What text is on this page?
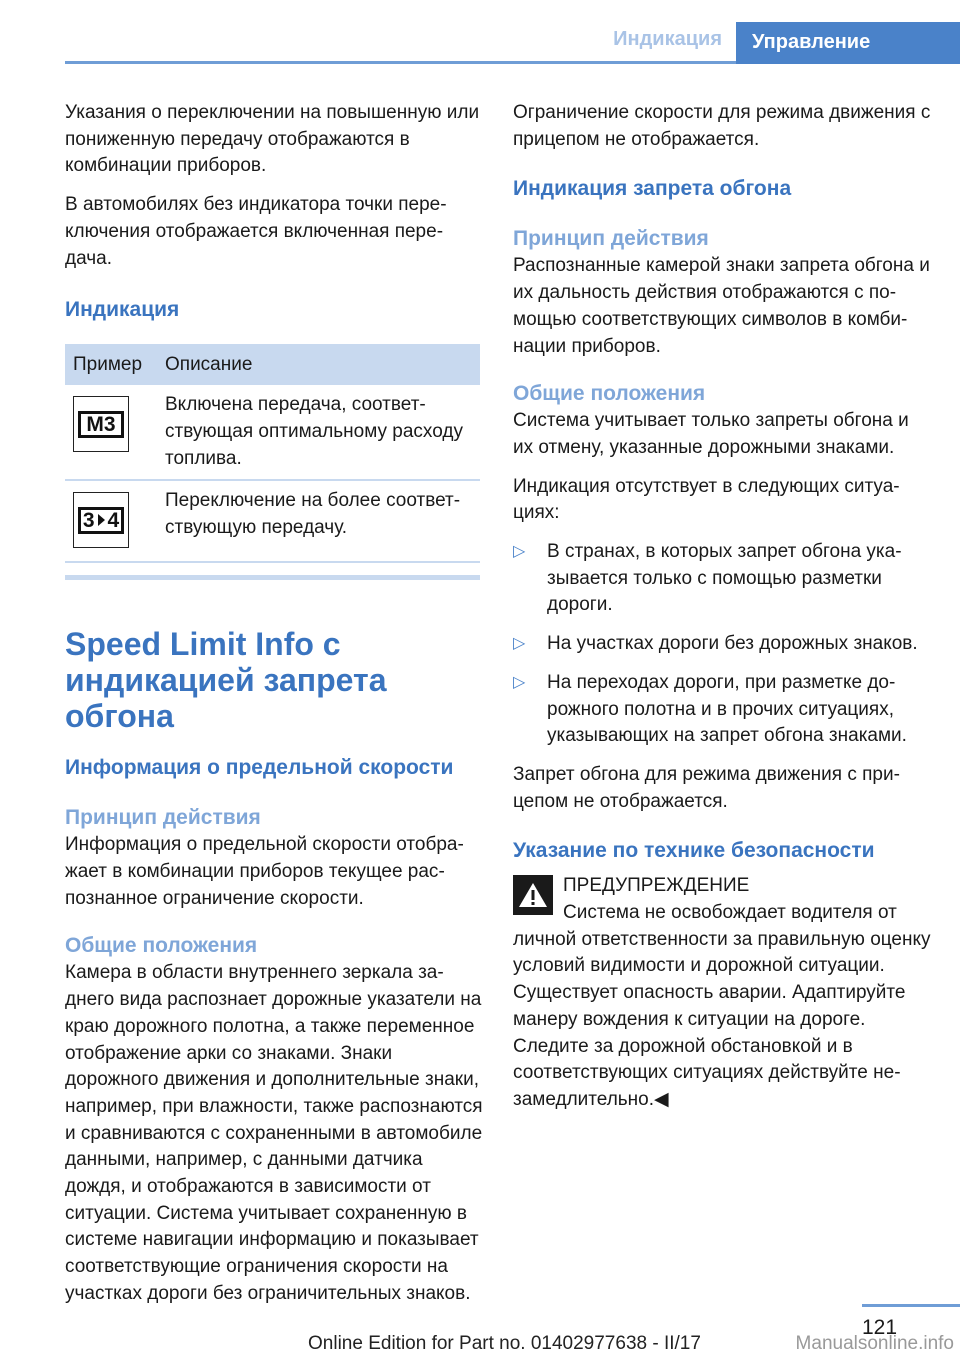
Индикация	Управление

Указания о переключении на повышенную или пониженную передачу отображаются в комбинации приборов.

В автомобилях без индикатора точки переключения отображается включенная передача.

Индикация
Пример	Описание

M3	Включена передача, соответствующая оптимальному расходу топлива.

3 4	Переключение на более соответствующую передачу.
Speed Limit Info с индикацией запрета обгона
Информация о предельной скорости
Принцип действия

Информация о предельной скорости отображает в комбинации приборов текущее распознанное ограничение скорости.

Общие положения

Камера в области внутреннего зеркала заднего вида распознает дорожные указатели на краю дорожного полотна, а также переменное отображение арки со знаками. Знаки дорожного движения и дополнительные знаки, например, при влажности, также распознаются и сравниваются с сохраненными в автомобиле данными, например, с данными датчика дождя, и отображаются в зависимости от ситуации. Система учитывает сохраненную в системе навигации информацию и показывает соответствующие ограничения скорости на участках дороги без ограничительных знаков.

Ограничение скорости для режима движения с прицепом не отображается.

Индикация запрета обгона
Принцип действия

Распознанные камерой знаки запрета обгона и их дальность действия отображаются с помощью соответствующих символов в комбинации приборов.

Общие положения

Система учитывает только запреты обгона и их отмену, указанные дорожными знаками.

Индикация отсутствует в следующих ситуациях:

▷ В странах, в которых запрет обгона указывается только с помощью разметки дороги.
▷ На участках дороги без дорожных знаков.
▷ На переходах дороги, при разметке дорожного полотна и в прочих ситуациях, указывающих на запрет обгона знаками.

Запрет обгона для режима движения с прицепом не отображается.

Указание по технике безопасности

ПРЕДУПРЕЖДЕНИЕ
Система не освобождает водителя от личной ответственности за правильную оценку условий видимости и дорожной ситуации. Существует опасность аварии. Адаптируйте манеру вождения к ситуации на дороге. Следите за дорожной обстановкой и в соответствующих ситуациях действуйте незамедлительно.◀

121
Online Edition for Part no. 01402977638 - II/17	Manualsonline.info
